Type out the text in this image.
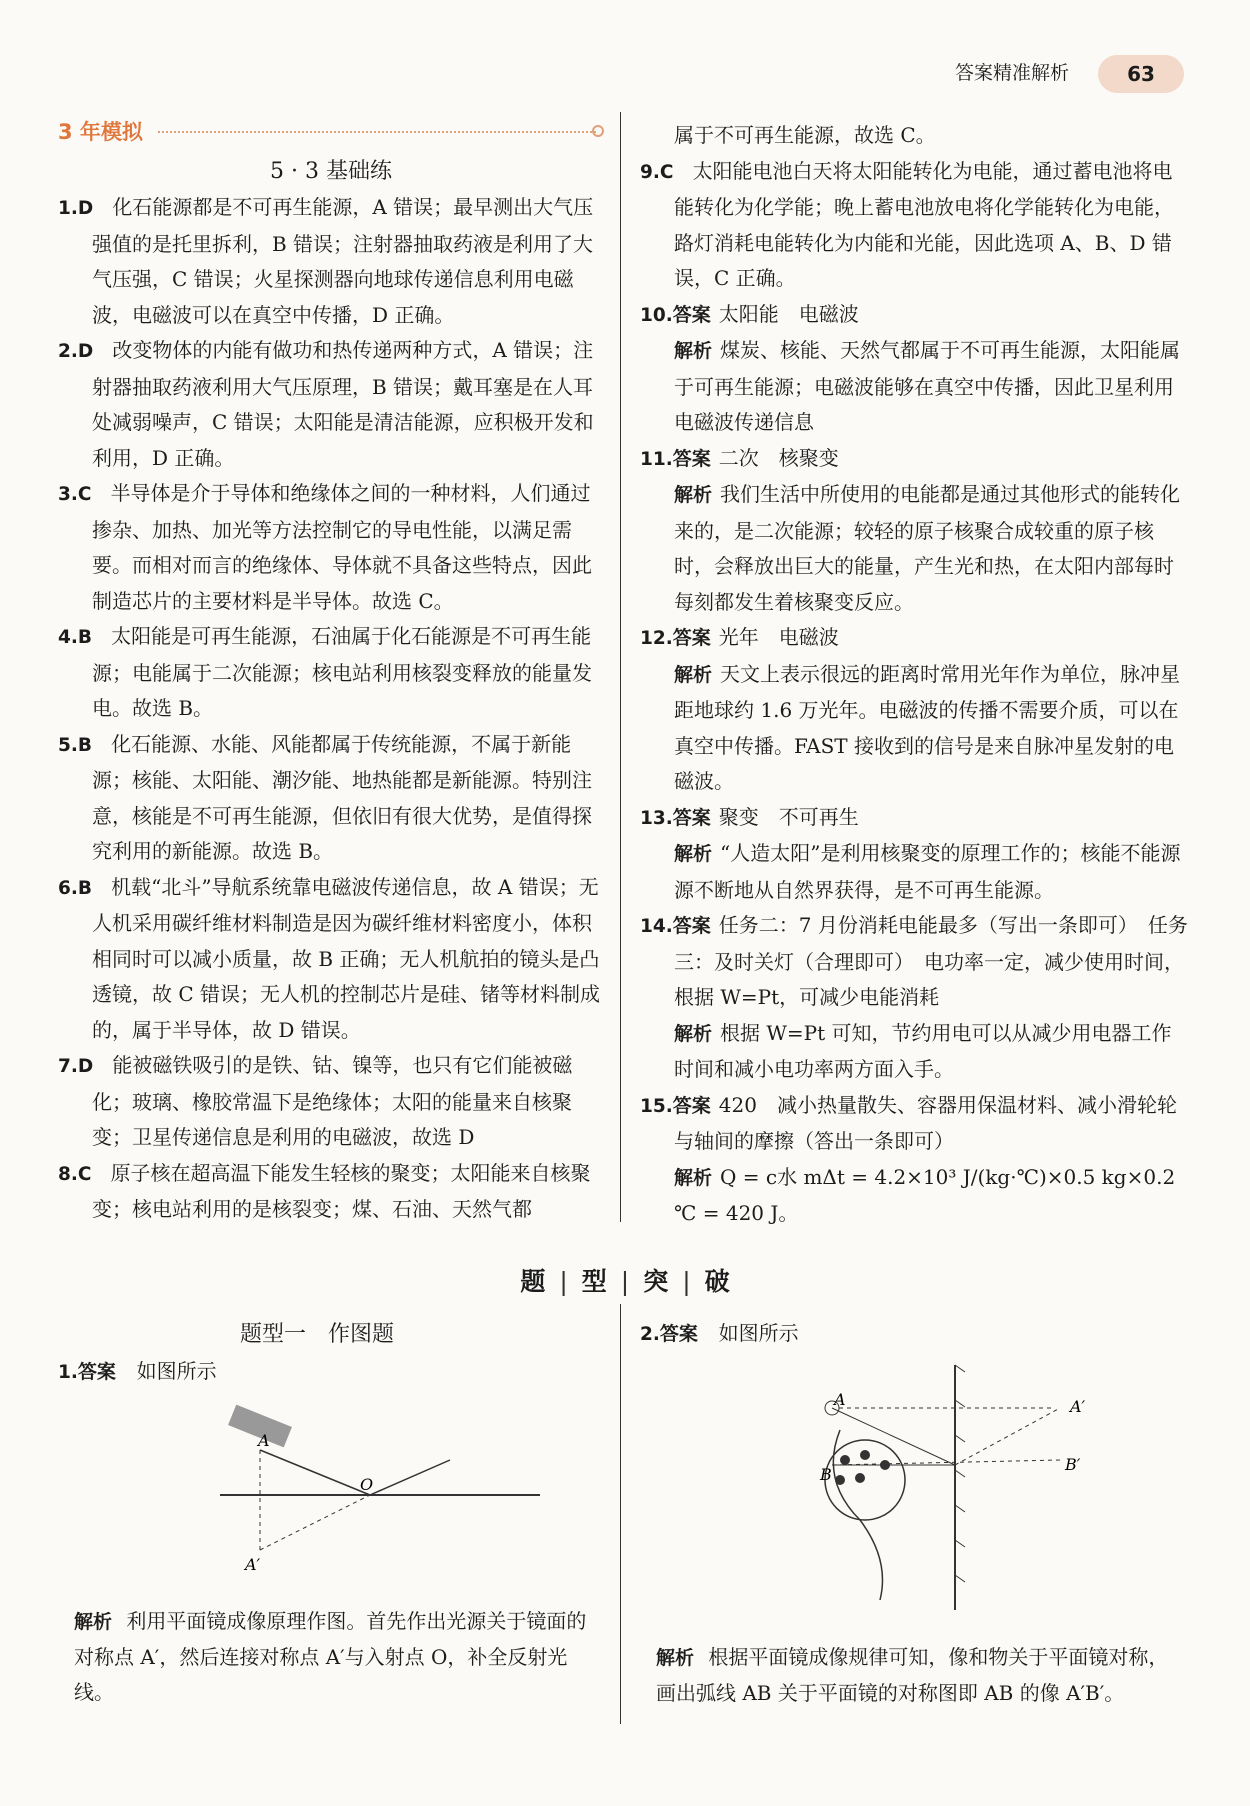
答案精准解析	63
3 年模拟
5 · 3 基础练

1.D 化石能源都是不可再生能源，A 错误；最早测出大气压强值的是托里拆利，B 错误；注射器抽取药液是利用了大气压强，C 错误；火星探测器向地球传递信息利用电磁波，电磁波可以在真空中传播，D 正确。

2.D 改变物体的内能有做功和热传递两种方式，A 错误；注射器抽取药液利用大气压原理，B 错误；戴耳塞是在人耳处减弱噪声，C 错误；太阳能是清洁能源，应积极开发和利用，D 正确。

3.C 半导体是介于导体和绝缘体之间的一种材料，人们通过掺杂、加热、加光等方法控制它的导电性能，以满足需要。而相对而言的绝缘体、导体就不具备这些特点，因此制造芯片的主要材料是半导体。故选 C。

4.B 太阳能是可再生能源，石油属于化石能源是不可再生能源；电能属于二次能源；核电站利用核裂变释放的能量发电。故选 B。

5.B 化石能源、水能、风能都属于传统能源，不属于新能源；核能、太阳能、潮汐能、地热能都是新能源。特别注意，核能是不可再生能源，但依旧有很大优势，是值得探究利用的新能源。故选 B。

6.B 机载“北斗”导航系统靠电磁波传递信息，故 A 错误；无人机采用碳纤维材料制造是因为碳纤维材料密度小，体积相同时可以减小质量，故 B 正确；无人机航拍的镜头是凸透镜，故 C 错误；无人机的控制芯片是硅、锗等材料制成的，属于半导体，故 D 错误。

7.D 能被磁铁吸引的是铁、钴、镍等，也只有它们能被磁化；玻璃、橡胶常温下是绝缘体；太阳的能量来自核聚变；卫星传递信息是利用的电磁波，故选 D

8.C 原子核在超高温下能发生轻核的聚变；太阳能来自核聚变；核电站利用的是核裂变；煤、石油、天然气都

属于不可再生能源，故选 C。

9.C 太阳能电池白天将太阳能转化为电能，通过蓄电池将电能转化为化学能；晚上蓄电池放电将化学能转化为电能，路灯消耗电能转化为内能和光能，因此选项 A、B、D 错误，C 正确。

10.答案 太阳能　电磁波

解析 煤炭、核能、天然气都属于不可再生能源，太阳能属于可再生能源；电磁波能够在真空中传播，因此卫星利用电磁波传递信息

11.答案 二次　核聚变

解析 我们生活中所使用的电能都是通过其他形式的能转化来的，是二次能源；较轻的原子核聚合成较重的原子核时，会释放出巨大的能量，产生光和热，在太阳内部每时每刻都发生着核聚变反应。

12.答案 光年　电磁波

解析 天文上表示很远的距离时常用光年作为单位，脉冲星距地球约 1.6 万光年。电磁波的传播不需要介质，可以在真空中传播。FAST 接收到的信号是来自脉冲星发射的电磁波。

13.答案 聚变　不可再生

解析 “人造太阳”是利用核聚变的原理工作的；核能不能源源不断地从自然界获得，是不可再生能源。

14.答案 任务二：7 月份消耗电能最多（写出一条即可）　任务三：及时关灯（合理即可）　电功率一定，减少使用时间，根据 W=Pt，可减少电能消耗

解析 根据 W=Pt 可知，节约用电可以从减少用电器工作时间和减小电功率两方面入手。

15.答案 420　减小热量散失、容器用保温材料、减小滑轮轮与轴间的摩擦（答出一条即可）

解析 Q = c水 mΔt = 4.2×10³ J/(kg·℃)×0.5 kg×0.2 ℃ = 420 J。

题 | 型 | 突 | 破
题型一　作图题
1.答案 如图所示
2.答案 如图所示
A
O
A′
A
B
A′
B′
解析 利用平面镜成像原理作图。首先作出光源关于镜面的对称点 A′，然后连接对称点 A′与入射点 O，补全反射光线。
解析 根据平面镜成像规律可知，像和物关于平面镜对称，画出弧线 AB 关于平面镜的对称图即 AB 的像 A′B′。
